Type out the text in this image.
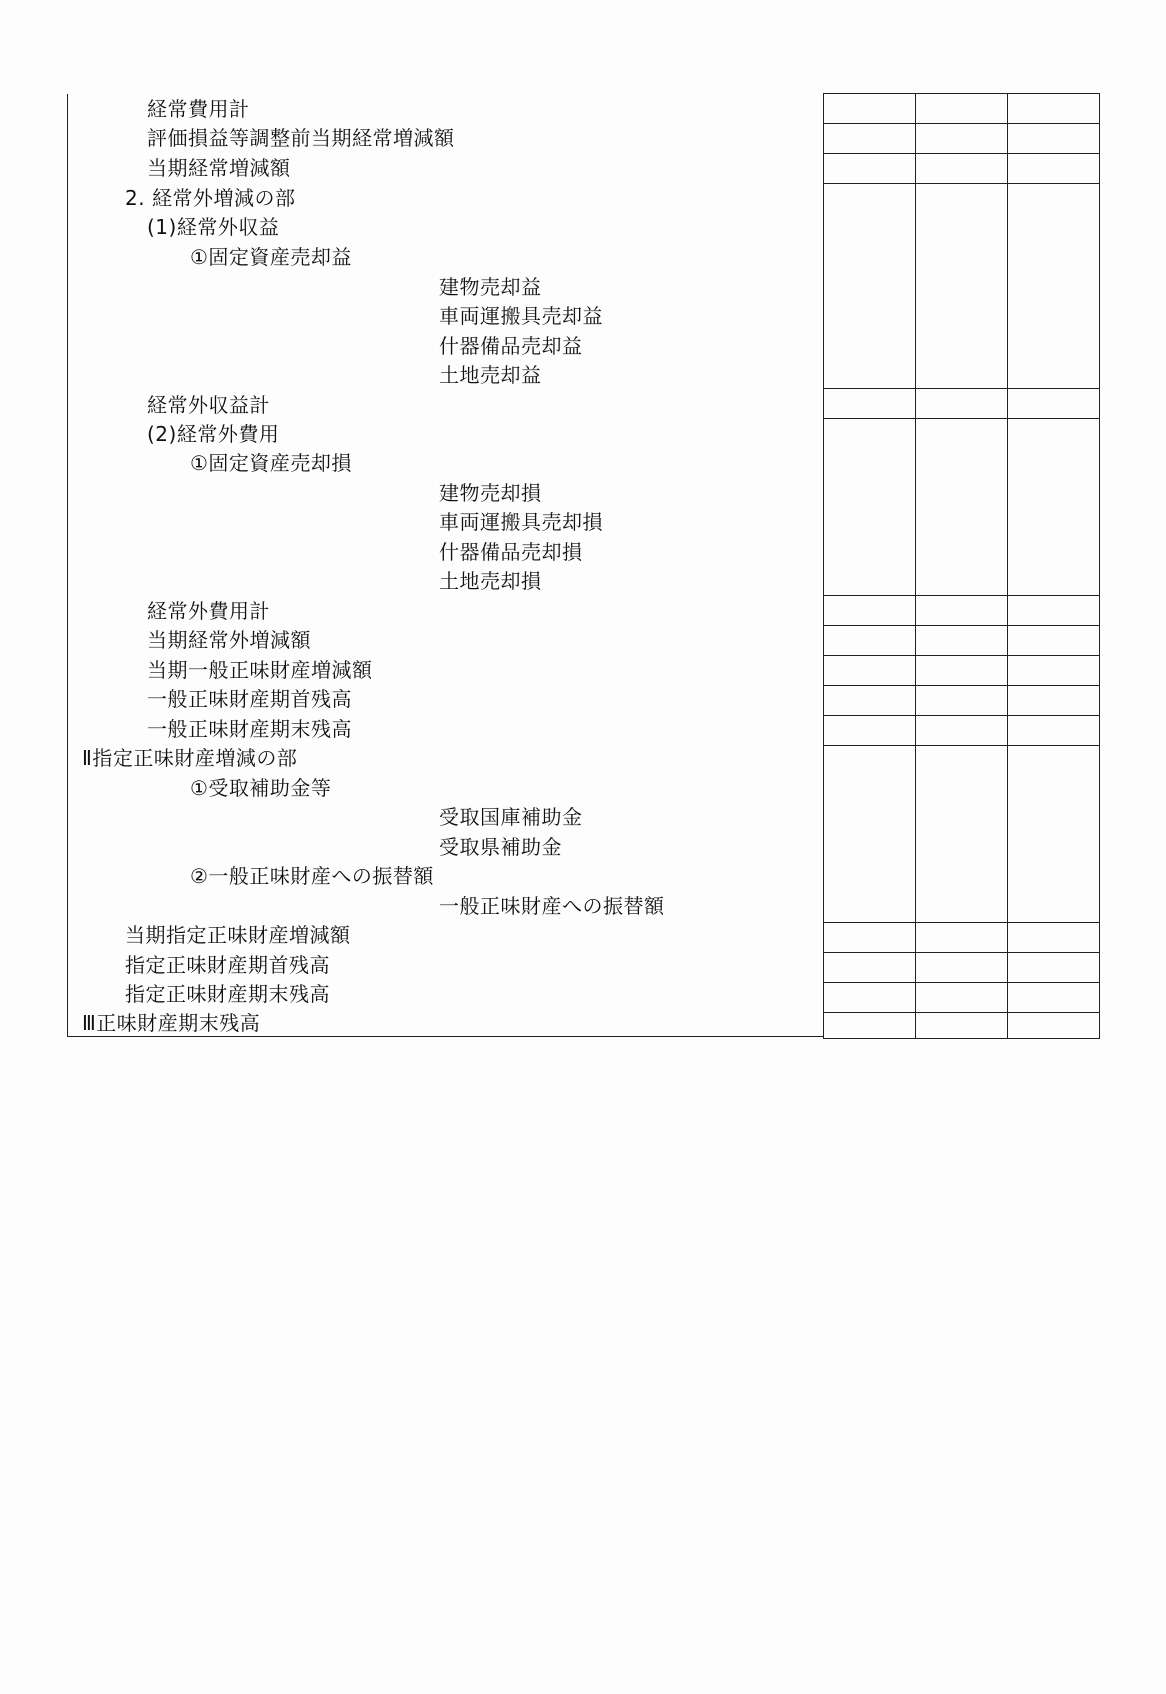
経常費用計
評価損益等調整前当期経常増減額
当期経常増減額
2. 経常外増減の部
(1)経常外収益
①固定資産売却益
建物売却益
車両運搬具売却益
什器備品売却益
土地売却益
経常外収益計
(2)経常外費用
①固定資産売却損
建物売却損
車両運搬具売却損
什器備品売却損
土地売却損
経常外費用計
当期経常外増減額
当期一般正味財産増減額
一般正味財産期首残高
一般正味財産期末残高
Ⅱ指定正味財産増減の部
①受取補助金等
受取国庫補助金
受取県補助金
②一般正味財産への振替額
一般正味財産への振替額
当期指定正味財産増減額
指定正味財産期首残高
指定正味財産期末残高
Ⅲ正味財産期末残高
